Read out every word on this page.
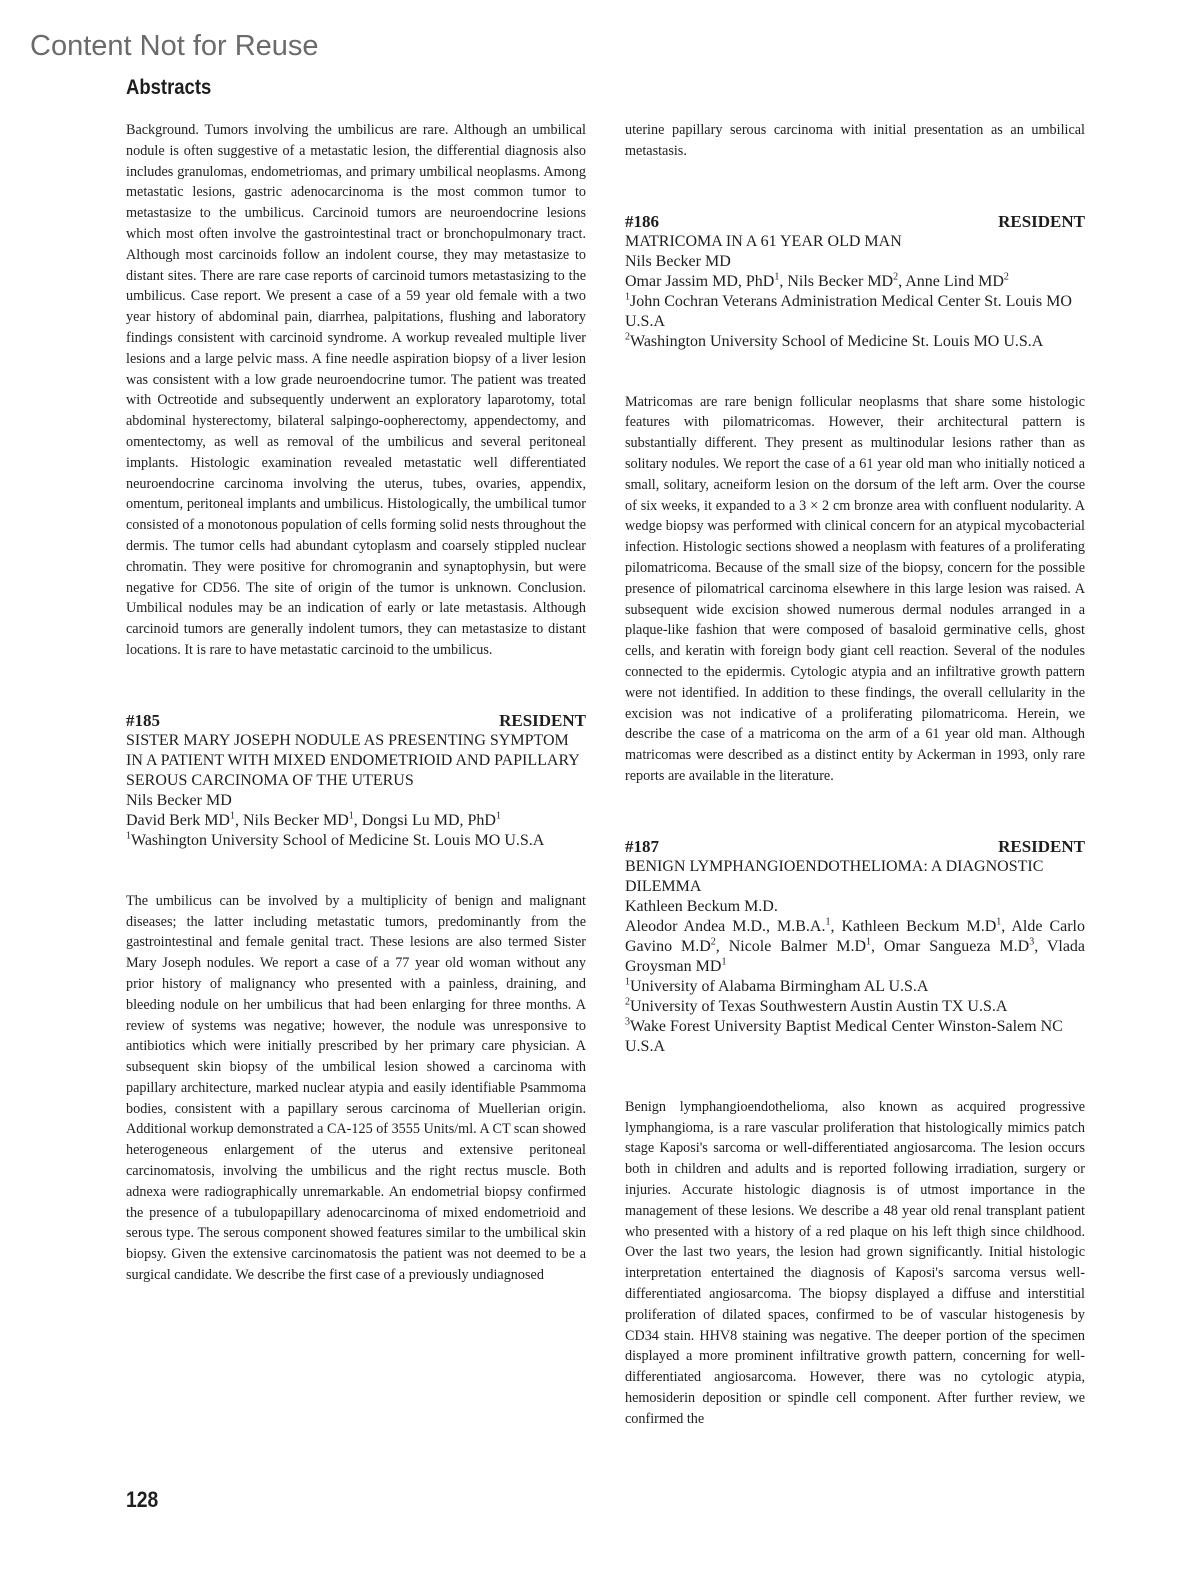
Content Not for Reuse
Abstracts

Background. Tumors involving the umbilicus are rare. Although an umbilical nodule is often suggestive of a metastatic lesion, the differential diagnosis also includes granulomas, endometriomas, and primary umbilical neoplasms. Among metastatic lesions, gastric adenocarcinoma is the most common tumor to metastasize to the umbilicus. Carcinoid tumors are neuroendocrine lesions which most often involve the gastrointestinal tract or bronchopulmonary tract. Although most carcinoids follow an indolent course, they may metastasize to distant sites. There are rare case reports of carcinoid tumors metastasizing to the umbilicus. Case report. We present a case of a 59 year old female with a two year history of abdominal pain, diarrhea, palpitations, flushing and laboratory findings consistent with carcinoid syndrome. A workup revealed multiple liver lesions and a large pelvic mass. A fine needle aspiration biopsy of a liver lesion was consistent with a low grade neuroendocrine tumor. The patient was treated with Octreotide and subsequently underwent an exploratory laparotomy, total abdominal hysterectomy, bilateral salpingo-oopherectomy, appendectomy, and omentectomy, as well as removal of the umbilicus and several peritoneal implants. Histologic examination revealed metastatic well differentiated neuroendocrine carcinoma involving the uterus, tubes, ovaries, appendix, omentum, peritoneal implants and umbilicus. Histologically, the umbilical tumor consisted of a monotonous population of cells forming solid nests throughout the dermis. The tumor cells had abundant cytoplasm and coarsely stippled nuclear chromatin. They were positive for chromogranin and synaptophysin, but were negative for CD56. The site of origin of the tumor is unknown. Conclusion. Umbilical nodules may be an indication of early or late metastasis. Although carcinoid tumors are generally indolent tumors, they can metastasize to distant locations. It is rare to have metastatic carcinoid to the umbilicus.

#185	RESIDENT
SISTER MARY JOSEPH NODULE AS PRESENTING SYMPTOM IN A PATIENT WITH MIXED ENDOMETRIOID AND PAPILLARY SEROUS CARCINOMA OF THE UTERUS
Nils Becker MD
David Berk $MD^1$, Nils Becker $MD^1$, Dongsi Lu MD, PhD$^1$
$^1$Washington University School of Medicine St. Louis MO U.S.A

The umbilicus can be involved by a multiplicity of benign and malignant diseases; the latter including metastatic tumors, predominantly from the gastrointestinal and female genital tract. These lesions are also termed Sister Mary Joseph nodules. We report a case of a 77 year old woman without any prior history of malignancy who presented with a painless, draining, and bleeding nodule on her umbilicus that had been enlarging for three months. A review of systems was negative; however, the nodule was unresponsive to antibiotics which were initially prescribed by her primary care physician. A subsequent skin biopsy of the umbilical lesion showed a carcinoma with papillary architecture, marked nuclear atypia and easily identifiable Psammoma bodies, consistent with a papillary serous carcinoma of Muellerian origin. Additional workup demonstrated a CA-125 of 3555 Units/ml. A CT scan showed heterogeneous enlargement of the uterus and extensive peritoneal carcinomatosis, involving the umbilicus and the right rectus muscle. Both adnexa were radiographically unremarkable. An endometrial biopsy confirmed the presence of a tubulopapillary adenocarcinoma of mixed endometrioid and serous type. The serous component showed features similar to the umbilical skin biopsy. Given the extensive carcinomatosis the patient was not deemed to be a surgical candidate. We describe the first case of a previously undiagnosed

uterine papillary serous carcinoma with initial presentation as an umbilical metastasis.

#186	RESIDENT
MATRICOMA IN A 61 YEAR OLD MAN
Nils Becker MD
Omar Jassim MD, PhD$^1$, Nils Becker $MD^2$, Anne Lind $MD^2$
$^1$John Cochran Veterans Administration Medical Center St. Louis MO U.S.A
$^2$Washington University School of Medicine St. Louis MO U.S.A

Matricomas are rare benign follicular neoplasms that share some histologic features with pilomatricomas. However, their architectural pattern is substantially different. They present as multinodular lesions rather than as solitary nodules. We report the case of a 61 year old man who initially noticed a small, solitary, acneiform lesion on the dorsum of the left arm. Over the course of six weeks, it expanded to a 3 × 2 cm bronze area with confluent nodularity. A wedge biopsy was performed with clinical concern for an atypical mycobacterial infection. Histologic sections showed a neoplasm with features of a proliferating pilomatricoma. Because of the small size of the biopsy, concern for the possible presence of pilomatrical carcinoma elsewhere in this large lesion was raised. A subsequent wide excision showed numerous dermal nodules arranged in a plaque-like fashion that were composed of basaloid germinative cells, ghost cells, and keratin with foreign body giant cell reaction. Several of the nodules connected to the epidermis. Cytologic atypia and an infiltrative growth pattern were not identified. In addition to these findings, the overall cellularity in the excision was not indicative of a proliferating pilomatricoma. Herein, we describe the case of a matricoma on the arm of a 61 year old man. Although matricomas were described as a distinct entity by Ackerman in 1993, only rare reports are available in the literature.

#187	RESIDENT
BENIGN LYMPHANGIOENDOTHELIOMA: A DIAGNOSTIC DILEMMA
Kathleen Beckum M.D.
Aleodor Andea M.D., M.B.A.$^1$, Kathleen Beckum $M.D^1$, Alde Carlo Gavino $M.D^2$, Nicole Balmer $M.D^1$, Omar Sangueza $M.D^3$, Vlada Groysman $MD^1$
$^1$University of Alabama Birmingham AL U.S.A
$^2$University of Texas Southwestern Austin Austin TX U.S.A
$^3$Wake Forest University Baptist Medical Center Winston-Salem NC U.S.A

Benign lymphangioendothelioma, also known as acquired progressive lymphangioma, is a rare vascular proliferation that histologically mimics patch stage Kaposi's sarcoma or well-differentiated angiosarcoma. The lesion occurs both in children and adults and is reported following irradiation, surgery or injuries. Accurate histologic diagnosis is of utmost importance in the management of these lesions. We describe a 48 year old renal transplant patient who presented with a history of a red plaque on his left thigh since childhood. Over the last two years, the lesion had grown significantly. Initial histologic interpretation entertained the diagnosis of Kaposi's sarcoma versus well-differentiated angiosarcoma. The biopsy displayed a diffuse and interstitial proliferation of dilated spaces, confirmed to be of vascular histogenesis by CD34 stain. HHV8 staining was negative. The deeper portion of the specimen displayed a more prominent infiltrative growth pattern, concerning for well-differentiated angiosarcoma. However, there was no cytologic atypia, hemosiderin deposition or spindle cell component. After further review, we confirmed the

128
